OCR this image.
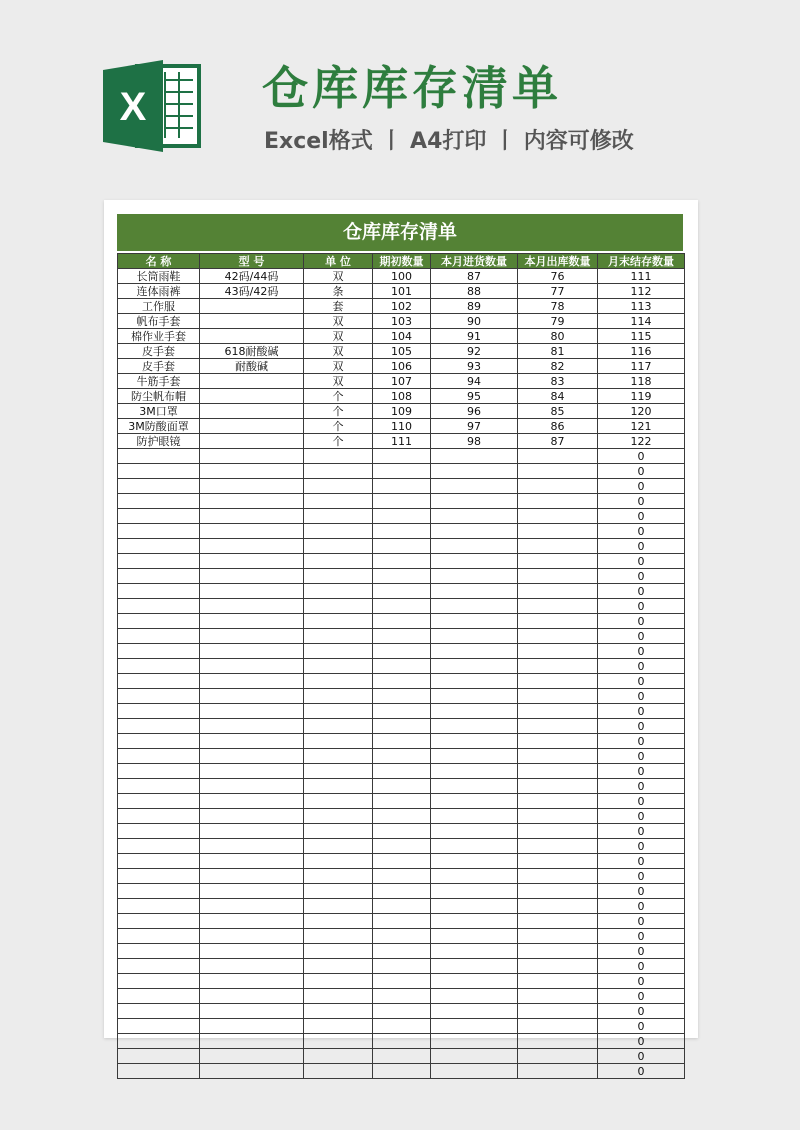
X	仓库库存清单
Excel格式 丨 A4打印 丨 内容可修改
仓库库存清单
名 称	型 号	单 位	期初数量	本月进货数量	本月出库数量	月末结存数量
长筒雨鞋	42码/44码	双	100	87	76	111
连体雨裤	43码/42码	条	101	88	77	112
工作服		套	102	89	78	113
帆布手套		双	103	90	79	114
棉作业手套		双	104	91	80	115
皮手套	618耐酸碱	双	105	92	81	116
皮手套	耐酸碱	双	106	93	82	117
牛筋手套		双	107	94	83	118
防尘帆布帽		个	108	95	84	119
3M口罩		个	109	96	85	120
3M防酸面罩		个	110	97	86	121
防护眼镜		个	111	98	87	122
						0
						0
						0
						0
						0
						0
						0
						0
						0
						0
						0
						0
						0
						0
						0
						0
						0
						0
						0
						0
						0
						0
						0
						0
						0
						0
						0
						0
						0
						0
						0
						0
						0
						0
						0
						0
						0
						0
						0
						0
						0
						0
